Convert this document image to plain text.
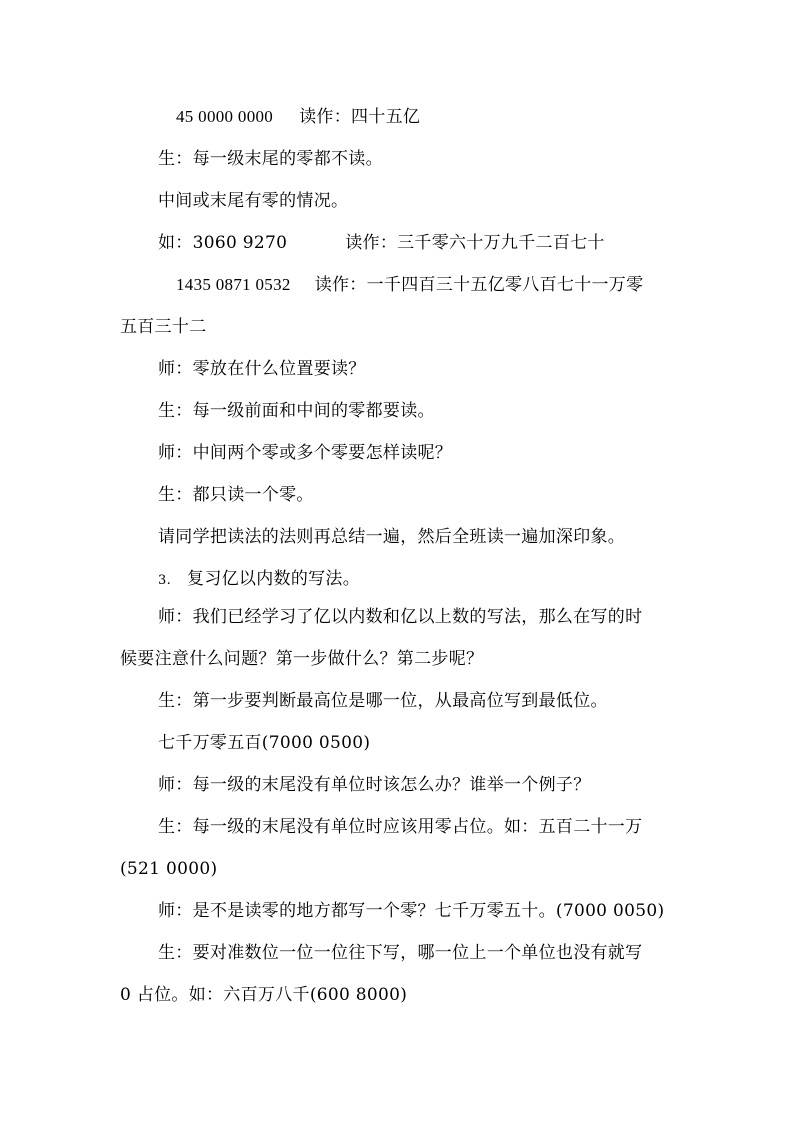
45 0000 0000 读作：四十五亿
生：每一级末尾的零都不读。
中间或末尾有零的情况。
如：3060 9270	读作：三千零六十万九千二百七十
1435 0871 0532 读作：一千四百三十五亿零八百七十一万零
五百三十二
师：零放在什么位置要读？
生：每一级前面和中间的零都要读。
师：中间两个零或多个零要怎样读呢？
生：都只读一个零。
请同学把读法的法则再总结一遍，然后全班读一遍加深印象。
3. 复习亿以内数的写法。
师：我们已经学习了亿以内数和亿以上数的写法，那么在写的时
候要注意什么问题？第一步做什么？第二步呢？
生：第一步要判断最高位是哪一位，从最高位写到最低位。
七千万零五百(7000 0500)
师：每一级的末尾没有单位时该怎么办？谁举一个例子？
生：每一级的末尾没有单位时应该用零占位。如：五百二十一万
(521 0000)
师：是不是读零的地方都写一个零？七千万零五十。(7000 0050)
生：要对准数位一位一位往下写，哪一位上一个单位也没有就写
0 占位。如：六百万八千(600 8000)
